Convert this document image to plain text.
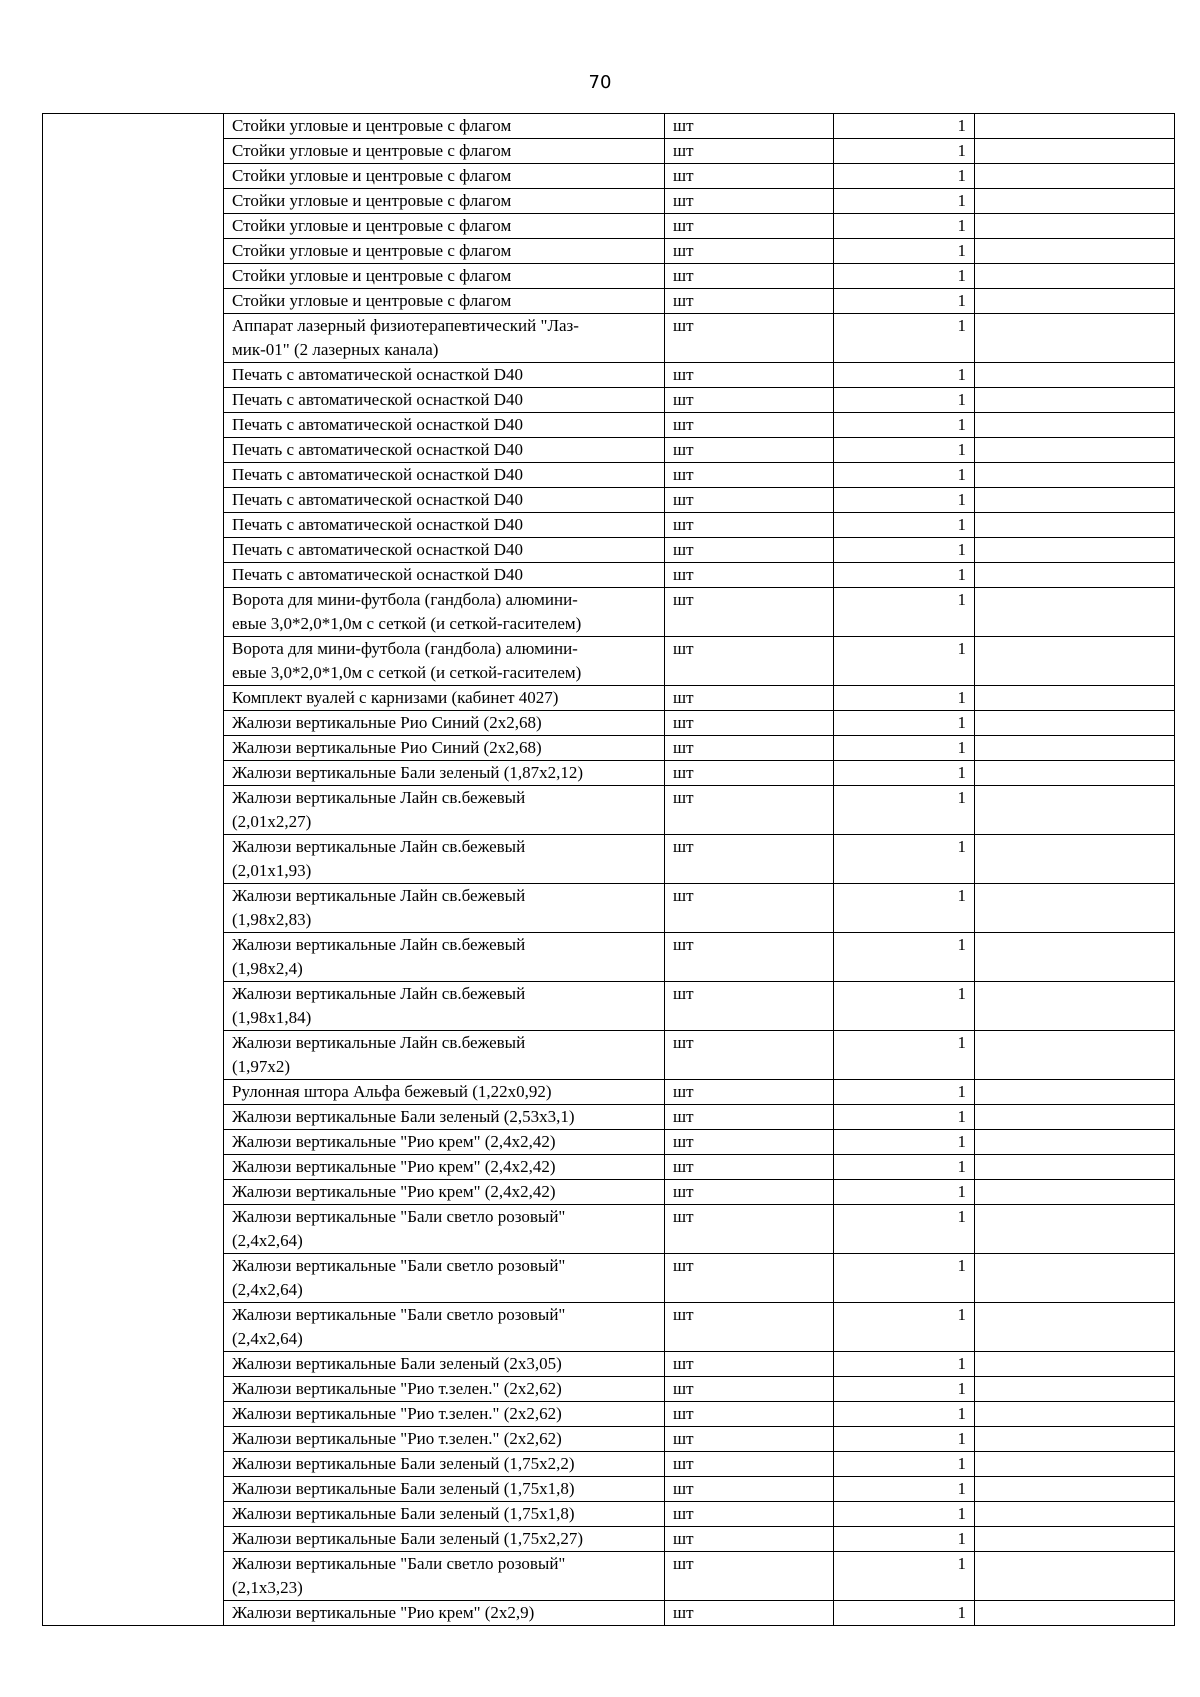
70
	Стойки угловые и центровые с флагом	шт	1	
	Стойки угловые и центровые с флагом	шт	1	
	Стойки угловые и центровые с флагом	шт	1	
	Стойки угловые и центровые с флагом	шт	1	
	Стойки угловые и центровые с флагом	шт	1	
	Стойки угловые и центровые с флагом	шт	1	
	Стойки угловые и центровые с флагом	шт	1	
	Стойки угловые и центровые с флагом	шт	1	
	Аппарат лазерный физиотерапевтический "Лаз-
мик-01" (2 лазерных канала)	шт	1	
	Печать с автоматической оснасткой D40	шт	1	
	Печать с автоматической оснасткой D40	шт	1	
	Печать с автоматической оснасткой D40	шт	1	
	Печать с автоматической оснасткой D40	шт	1	
	Печать с автоматической оснасткой D40	шт	1	
	Печать с автоматической оснасткой D40	шт	1	
	Печать с автоматической оснасткой D40	шт	1	
	Печать с автоматической оснасткой D40	шт	1	
	Печать с автоматической оснасткой D40	шт	1	
	Ворота для мини-футбола (гандбола) алюмини-
евые 3,0*2,0*1,0м с сеткой (и сеткой-гасителем)	шт	1	
	Ворота для мини-футбола (гандбола) алюмини-
евые 3,0*2,0*1,0м с сеткой (и сеткой-гасителем)	шт	1	
	Комплект вуалей с карнизами (кабинет 4027)	шт	1	
	Жалюзи вертикальные Рио Синий (2х2,68)	шт	1	
	Жалюзи вертикальные Рио Синий (2х2,68)	шт	1	
	Жалюзи вертикальные Бали зеленый (1,87х2,12)	шт	1	
	Жалюзи вертикальные Лайн св.бежевый
(2,01х2,27)	шт	1	
	Жалюзи вертикальные Лайн св.бежевый
(2,01х1,93)	шт	1	
	Жалюзи вертикальные Лайн св.бежевый
(1,98х2,83)	шт	1	
	Жалюзи вертикальные Лайн св.бежевый
(1,98х2,4)	шт	1	
	Жалюзи вертикальные Лайн св.бежевый
(1,98х1,84)	шт	1	
	Жалюзи вертикальные Лайн св.бежевый
(1,97х2)	шт	1	
	Рулонная штора Альфа бежевый (1,22х0,92)	шт	1	
	Жалюзи вертикальные Бали зеленый (2,53х3,1)	шт	1	
	Жалюзи вертикальные "Рио крем" (2,4х2,42)	шт	1	
	Жалюзи вертикальные "Рио крем" (2,4х2,42)	шт	1	
	Жалюзи вертикальные "Рио крем" (2,4х2,42)	шт	1	
	Жалюзи вертикальные "Бали светло розовый"
(2,4х2,64)	шт	1	
	Жалюзи вертикальные "Бали светло розовый"
(2,4х2,64)	шт	1	
	Жалюзи вертикальные "Бали светло розовый"
(2,4х2,64)	шт	1	
	Жалюзи вертикальные Бали зеленый (2х3,05)	шт	1	
	Жалюзи вертикальные "Рио т.зелен." (2х2,62)	шт	1	
	Жалюзи вертикальные "Рио т.зелен." (2х2,62)	шт	1	
	Жалюзи вертикальные "Рио т.зелен." (2х2,62)	шт	1	
	Жалюзи вертикальные Бали зеленый (1,75х2,2)	шт	1	
	Жалюзи вертикальные Бали зеленый (1,75х1,8)	шт	1	
	Жалюзи вертикальные Бали зеленый (1,75х1,8)	шт	1	
	Жалюзи вертикальные Бали зеленый (1,75х2,27)	шт	1	
	Жалюзи вертикальные "Бали светло розовый"
(2,1х3,23)	шт	1	
	Жалюзи вертикальные "Рио крем" (2х2,9)	шт	1	
